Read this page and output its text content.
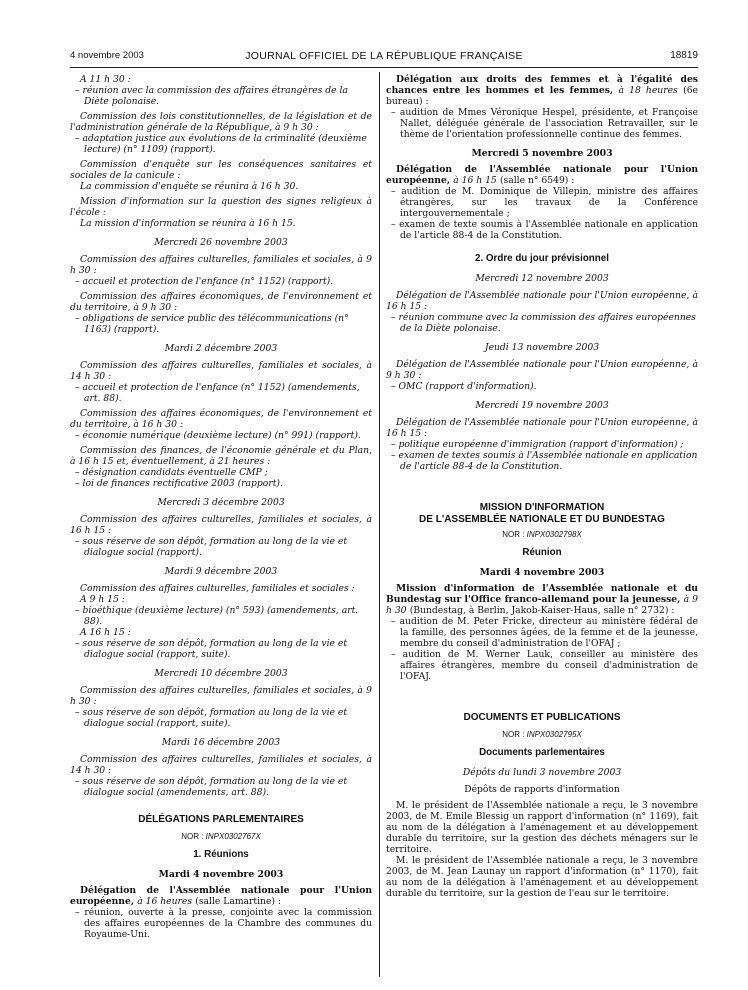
4 novembre 2003	JOURNAL OFFICIEL DE LA RÉPUBLIQUE FRANÇAISE	18819

A 11 h 30 :

– réunion avec la commission des affaires étrangères de la Diète polonaise.

Commission des lois constitutionnelles, de la législation et de l'administration générale de la République, à 9 h 30 :

– adaptation justice aux évolutions de la criminalité (deuxième lecture) (n° 1109) (rapport).

Commission d'enquête sur les conséquences sanitaires et sociales de la canicule :

La commission d'enquête se réunira à 16 h 30.

Mission d'information sur la question des signes religieux à l'école :

La mission d'information se réunira à 16 h 15.

Mercredi 26 novembre 2003

Commission des affaires culturelles, familiales et sociales, à 9 h 30 :

– accueil et protection de l'enfance (n° 1152) (rapport).

Commission des affaires économiques, de l'environnement et du territoire, à 9 h 30 :

– obligations de service public des télécommunications (n° 1163) (rapport).

Mardi 2 décembre 2003

Commission des affaires culturelles, familiales et sociales, à 14 h 30 :

– accueil et protection de l'enfance (n° 1152) (amendements, art. 88).

Commission des affaires économiques, de l'environnement et du territoire, à 16 h 30 :

– économie numérique (deuxième lecture) (n° 991) (rapport).

Commission des finances, de l'économie générale et du Plan, à 16 h 15 et, éventuellement, à 21 heures :

– désignation candidats éventuelle CMP ;

– loi de finances rectificative 2003 (rapport).

Mercredi 3 décembre 2003

Commission des affaires culturelles, familiales et sociales, à 16 h 15 :

– sous réserve de son dépôt, formation au long de la vie et dialogue social (rapport).

Mardi 9 décembre 2003

Commission des affaires culturelles, familiales et sociales :

A 9 h 15 :

– bioéthique (deuxième lecture) (n° 593) (amendements, art. 88).

A 16 h 15 :

– sous réserve de son dépôt, formation au long de la vie et dialogue social (rapport, suite).

Mercredi 10 décembre 2003

Commission des affaires culturelles, familiales et sociales, à 9 h 30 :

– sous réserve de son dépôt, formation au long de la vie et dialogue social (rapport, suite).

Mardi 16 décembre 2003

Commission des affaires culturelles, familiales et sociales, à 14 h 30 :

– sous réserve de son dépôt, formation au long de la vie et dialogue social (amendements, art. 88).

DÉLÉGATIONS PARLEMENTAIRES

NOR : INPX0302767X

1. Réunions

Mardi 4 novembre 2003

Délégation de l'Assemblée nationale pour l'Union européenne, à 16 heures (salle Lamartine) :

– réunion, ouverte à la presse, conjointe avec la commission des affaires européennes de la Chambre des communes du Royaume-Uni.

Délégation aux droits des femmes et à l'égalité des chances entre les hommes et les femmes, à 18 heures (6e bureau) :

– audition de Mmes Véronique Hespel, présidente, et Françoise Nallet, déléguée générale de l'association Retravailler, sur le thème de l'orientation professionnelle continue des femmes.

Mercredi 5 novembre 2003

Délégation de l'Assemblée nationale pour l'Union européenne, à 16 h 15 (salle n° 6549) :

– audition de M. Dominique de Villepin, ministre des affaires étrangères, sur les travaux de la Conférence intergouvernementale ;

– examen de texte soumis à l'Assemblée nationale en application de l'article 88-4 de la Constitution.

2. Ordre du jour prévisionnel

Mercredi 12 novembre 2003

Délégation de l'Assemblée nationale pour l'Union européenne, à 16 h 15 :

– réunion commune avec la commission des affaires européennes de la Diète polonaise.

Jeudi 13 novembre 2003

Délégation de l'Assemblée nationale pour l'Union européenne, à 9 h 30 :

– OMC (rapport d'information).

Mercredi 19 novembre 2003

Délégation de l'Assemblée nationale pour l'Union européenne, à 16 h 15 :

– politique européenne d'immigration (rapport d'information) ;

– examen de textes soumis à l'Assemblée nationale en application de l'article 88-4 de la Constitution.

MISSION D'INFORMATION

DE L'ASSEMBLÉE NATIONALE ET DU BUNDESTAG

NOR : INPX0302798X

Réunion

Mardi 4 novembre 2003

Mission d'information de l'Assemblée nationale et du Bundestag sur l'Office franco-allemand pour la jeunesse, à 9 h 30 (Bundestag, à Berlin, Jakob-Kaiser-Haus, salle n° 2732) :

– audition de M. Peter Fricke, directeur au ministère fédéral de la famille, des personnes âgées, de la femme et de la jeunesse, membre du conseil d'administration de l'OFAJ ;

– audition de M. Werner Lauk, conseiller au ministère des affaires étrangères, membre du conseil d'administration de l'OFAJ.

DOCUMENTS ET PUBLICATIONS

NOR : INPX0302795X

Documents parlementaires

Dépôts du lundi 3 novembre 2003

Dépôts de rapports d'information

M. le président de l'Assemblée nationale a reçu, le 3 novembre 2003, de M. Emile Blessig un rapport d'information (n° 1169), fait au nom de la délégation à l'aménagement et au développement durable du territoire, sur la gestion des déchets ménagers sur le territoire.

M. le président de l'Assemblée nationale a reçu, le 3 novembre 2003, de M. Jean Launay un rapport d'information (n° 1170), fait au nom de la délégation à l'aménagement et au développement durable du territoire, sur la gestion de l'eau sur le territoire.
